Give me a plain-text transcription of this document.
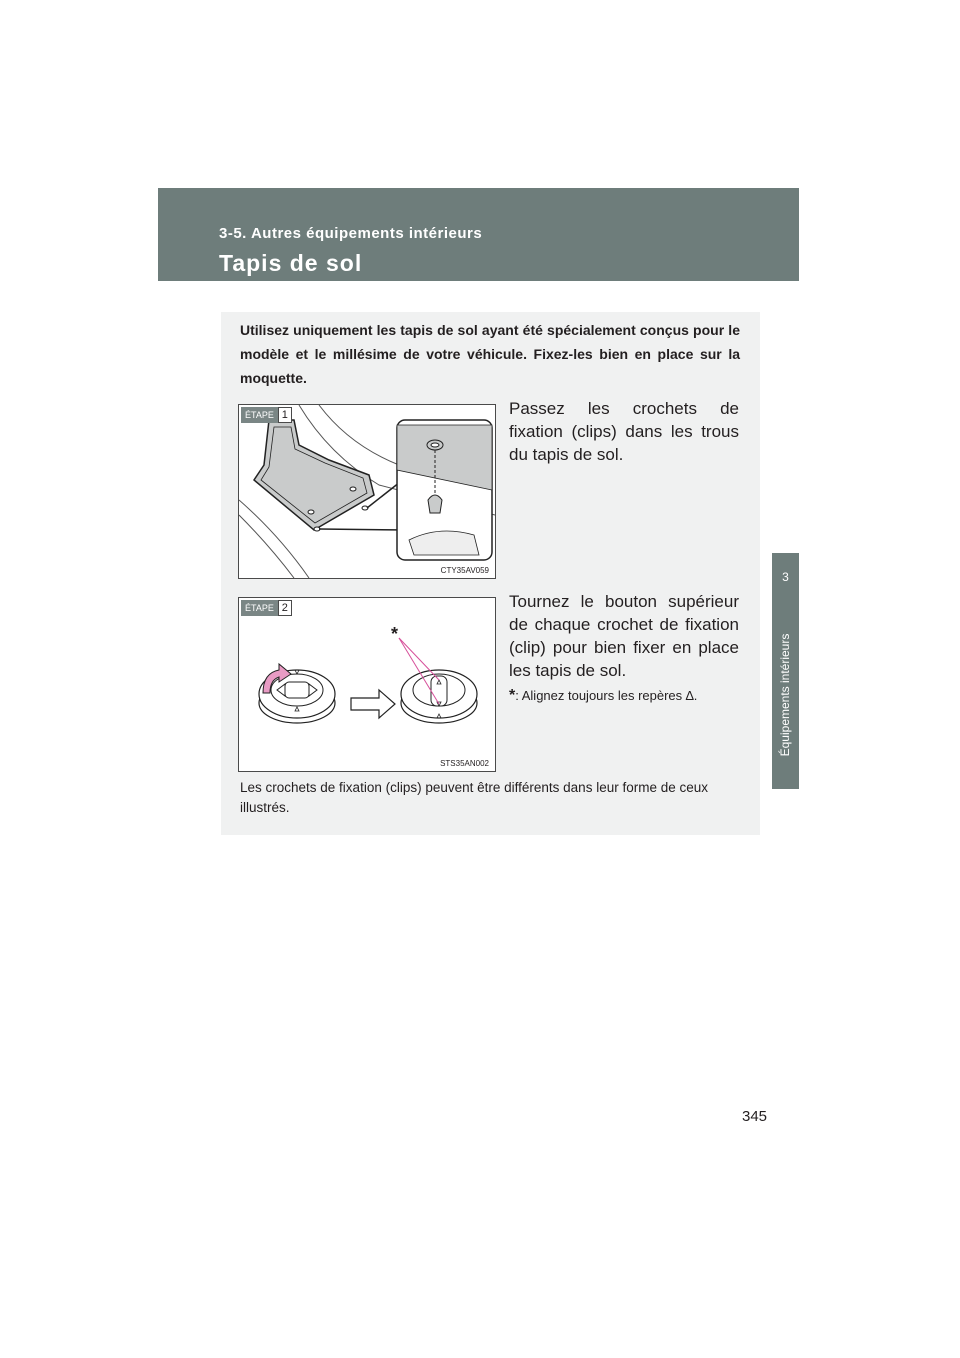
3-5. Autres équipements intérieurs
Tapis de sol
3
Équipements intérieurs
Utilisez uniquement les tapis de sol ayant été spécialement conçus pour le modèle et le millésime de votre véhicule. Fixez-les bien en place sur la moquette.
ÉTAPE 1
CTY35AV059
Passez les crochets de fixation (clips) dans les trous du tapis de sol.
ÉTAPE 2
*
STS35AN002
Tournez le bouton supérieur de chaque crochet de fixation (clip) pour bien fixer en place les tapis de sol.
*: Alignez toujours les repères ∆.
Les crochets de fixation (clips) peuvent être différents dans leur forme de ceux illustrés.
345
